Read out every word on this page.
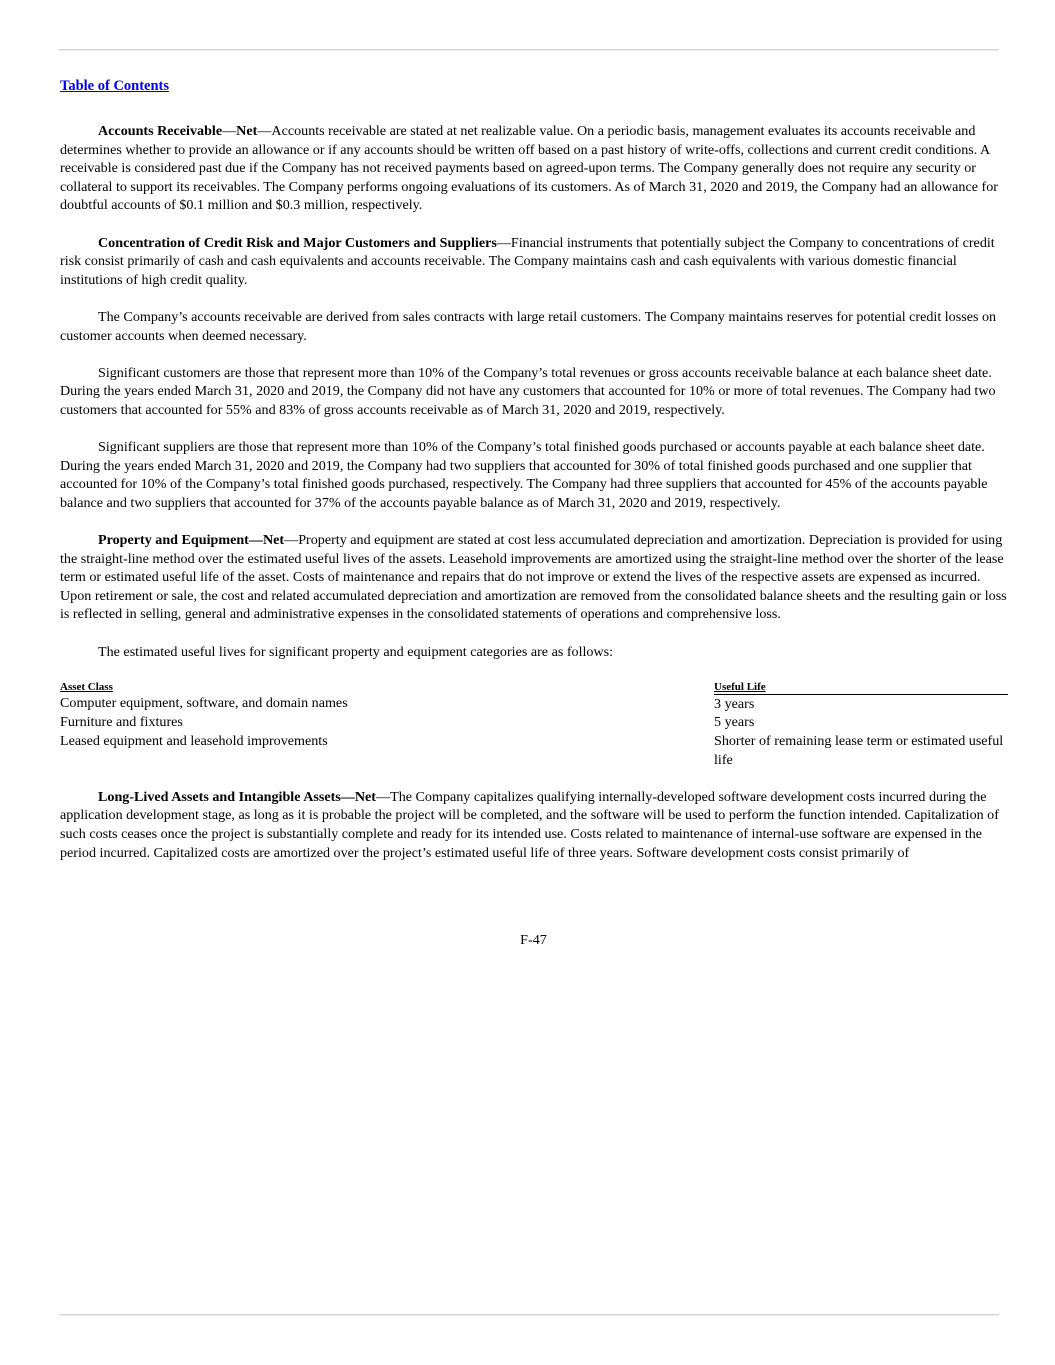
Table of Contents

Accounts Receivable—Net—Accounts receivable are stated at net realizable value. On a periodic basis, management evaluates its accounts receivable and determines whether to provide an allowance or if any accounts should be written off based on a past history of write-offs, collections and current credit conditions. A receivable is considered past due if the Company has not received payments based on agreed-upon terms. The Company generally does not require any security or collateral to support its receivables. The Company performs ongoing evaluations of its customers. As of March 31, 2020 and 2019, the Company had an allowance for doubtful accounts of $0.1 million and $0.3 million, respectively.

Concentration of Credit Risk and Major Customers and Suppliers—Financial instruments that potentially subject the Company to concentrations of credit risk consist primarily of cash and cash equivalents and accounts receivable. The Company maintains cash and cash equivalents with various domestic financial institutions of high credit quality.

The Company’s accounts receivable are derived from sales contracts with large retail customers. The Company maintains reserves for potential credit losses on customer accounts when deemed necessary.

Significant customers are those that represent more than 10% of the Company’s total revenues or gross accounts receivable balance at each balance sheet date. During the years ended March 31, 2020 and 2019, the Company did not have any customers that accounted for 10% or more of total revenues. The Company had two customers that accounted for 55% and 83% of gross accounts receivable as of March 31, 2020 and 2019, respectively.

Significant suppliers are those that represent more than 10% of the Company’s total finished goods purchased or accounts payable at each balance sheet date. During the years ended March 31, 2020 and 2019, the Company had two suppliers that accounted for 30% of total finished goods purchased and one supplier that accounted for 10% of the Company’s total finished goods purchased, respectively. The Company had three suppliers that accounted for 45% of the accounts payable balance and two suppliers that accounted for 37% of the accounts payable balance as of March 31, 2020 and 2019, respectively.

Property and Equipment—Net—Property and equipment are stated at cost less accumulated depreciation and amortization. Depreciation is provided for using the straight-line method over the estimated useful lives of the assets. Leasehold improvements are amortized using the straight-line method over the shorter of the lease term or estimated useful life of the asset. Costs of maintenance and repairs that do not improve or extend the lives of the respective assets are expensed as incurred. Upon retirement or sale, the cost and related accumulated depreciation and amortization are removed from the consolidated balance sheets and the resulting gain or loss is reflected in selling, general and administrative expenses in the consolidated statements of operations and comprehensive loss.

The estimated useful lives for significant property and equipment categories are as follows:

Asset Class	Useful Life
Computer equipment, software, and domain names	3 years
Furniture and fixtures	5 years
Leased equipment and leasehold improvements	Shorter of remaining lease term or estimated useful life

Long-Lived Assets and Intangible Assets—Net—The Company capitalizes qualifying internally-developed software development costs incurred during the application development stage, as long as it is probable the project will be completed, and the software will be used to perform the function intended. Capitalization of such costs ceases once the project is substantially complete and ready for its intended use. Costs related to maintenance of internal-use software are expensed in the period incurred. Capitalized costs are amortized over the project’s estimated useful life of three years. Software development costs consist primarily of

F-47
